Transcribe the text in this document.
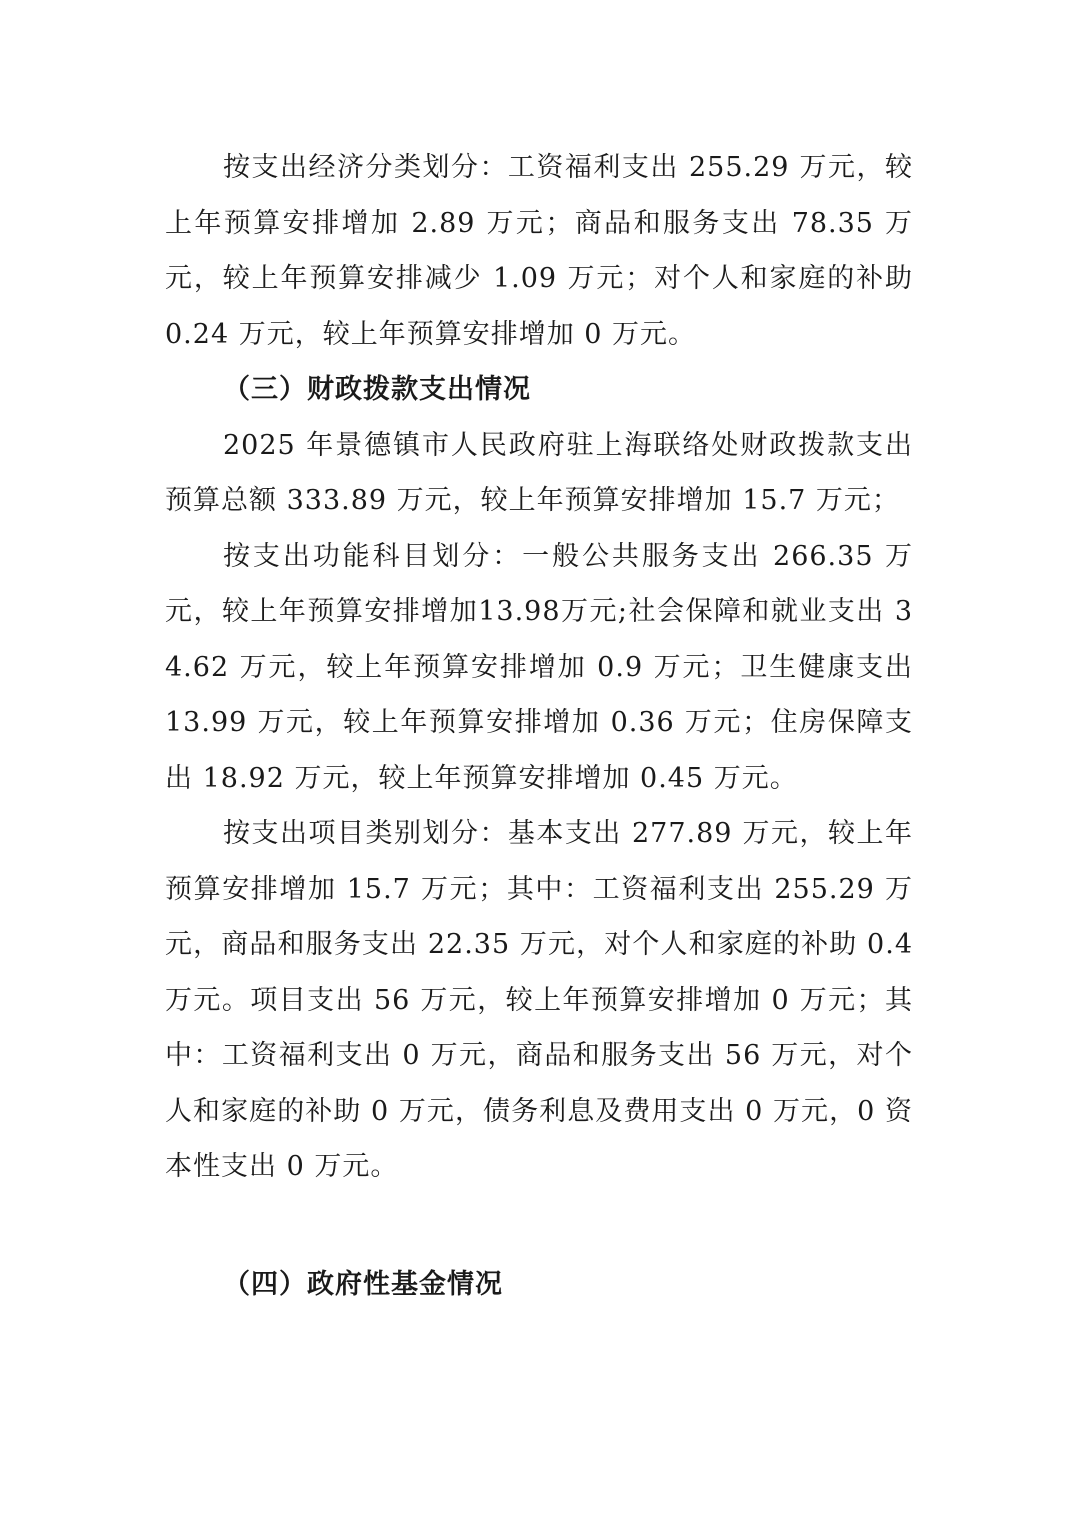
按支出经济分类划分：工资福利支出 255.29 万元，较上年预算安排增加 2.89 万元；商品和服务支出 78.35 万元，较上年预算安排减少 1.09 万元；对个人和家庭的补助 0.24 万元，较上年预算安排增加 0 万元。

（三）财政拨款支出情况

2025 年景德镇市人民政府驻上海联络处财政拨款支出预算总额 333.89 万元，较上年预算安排增加 15.7 万元；

按支出功能科目划分：一般公共服务支出 266.35 万元，较上年预算安排增加13.98万元;社会保障和就业支出 34.62 万元，较上年预算安排增加 0.9 万元；卫生健康支出 13.99 万元，较上年预算安排增加 0.36 万元；住房保障支出 18.92 万元，较上年预算安排增加 0.45 万元。

按支出项目类别划分：基本支出 277.89 万元，较上年预算安排增加 15.7 万元；其中：工资福利支出 255.29 万元，商品和服务支出 22.35 万元，对个人和家庭的补助 0.4 万元。项目支出 56 万元，较上年预算安排增加 0 万元；其中：工资福利支出 0 万元，商品和服务支出 56 万元，对个人和家庭的补助 0 万元，债务利息及费用支出 0 万元，0 资本性支出 0 万元。

（四）政府性基金情况
